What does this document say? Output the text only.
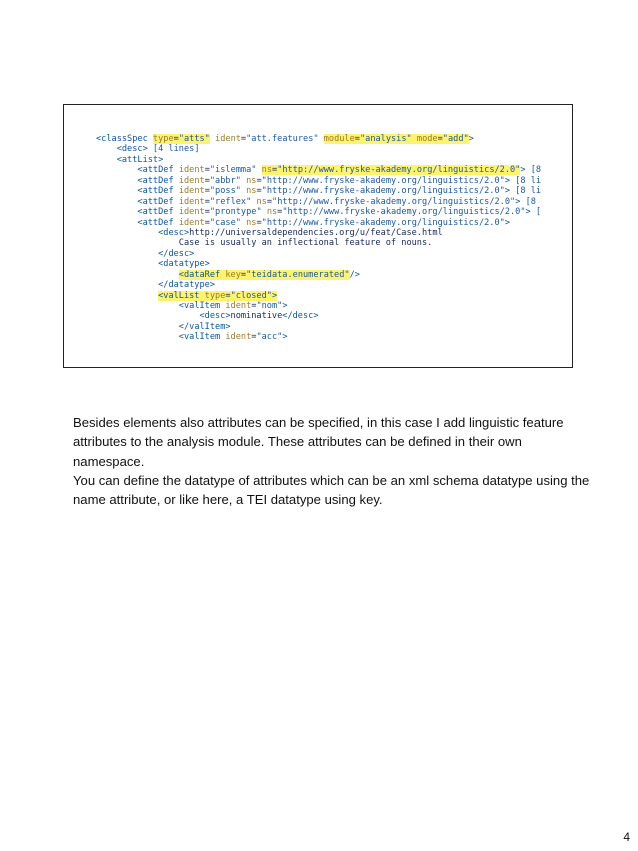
<classSpec type="atts" ident="att.features" module="analysis" mode="add">
<desc> [4 lines]
<attList>
<attDef ident="islemma" ns="http://www.fryske-akademy.org/linguistics/2.0"> [8
<attDef ident="abbr" ns="http://www.fryske-akademy.org/linguistics/2.0"> [8 li
<attDef ident="poss" ns="http://www.fryske-akademy.org/linguistics/2.0"> [8 li
<attDef ident="reflex" ns="http://www.fryske-akademy.org/linguistics/2.0"> [8
<attDef ident="prontype" ns="http://www.fryske-akademy.org/linguistics/2.0"> [
<attDef ident="case" ns="http://www.fryske-akademy.org/linguistics/2.0">
<desc>http://universaldependencies.org/u/feat/Case.html
Case is usually an inflectional feature of nouns.
</desc>
<datatype>
<dataRef key="teidata.enumerated"/>
</datatype>
<valList type="closed">
<valItem ident="nom">
<desc>nominative</desc>
</valItem>
<valItem ident="acc">

Besides elements also attributes can be specified, in this case I add linguistic feature attributes to the analysis module. These attributes can be defined in their own namespace.

You can define the datatype of attributes which can be an xml schema datatype using the name attribute, or like here, a TEI datatype using key.

4
